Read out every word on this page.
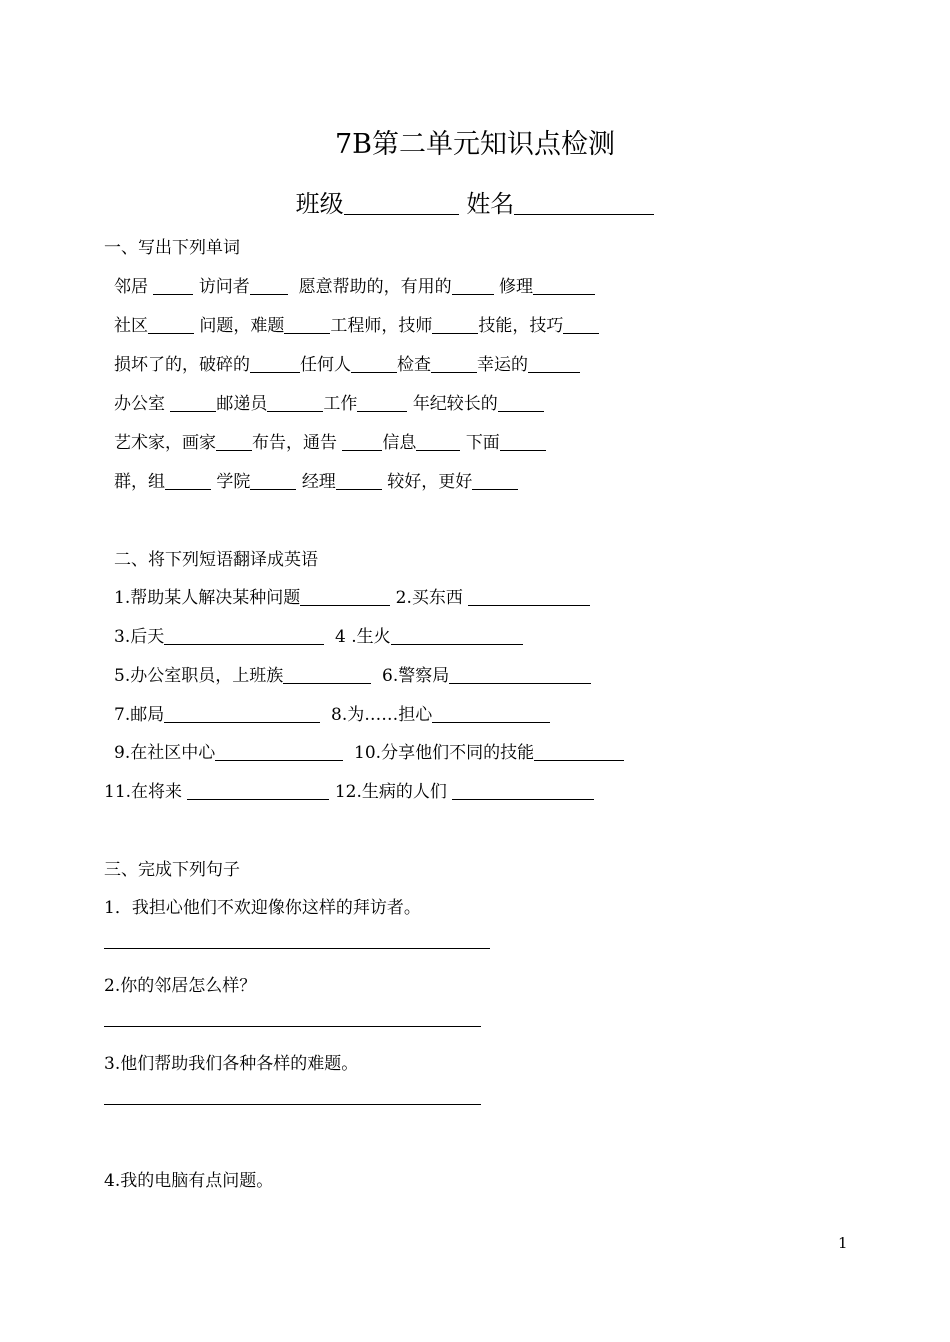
7B第二单元知识点检测
班级	姓名
一、写出下列单词
邻居	访问者	愿意帮助的，有用的	修理
社区	问题，难题	工程师，技师	技能，技巧
损坏了的，破碎的	任何人	检查	幸运的
办公室	邮递员	工作	年纪较长的
艺术家，画家 布告，通告	信息	下面
群，组	学院	经理	较好，更好
二、将下列短语翻译成英语
1.帮助某人解决某种问题	2.买东西
3.后天	4 .生火
5.办公室职员，上班族	6.警察局
7.邮局	8.为……担心
9.在社区中心	10.分享他们不同的技能
11.在将来	12.生病的人们
三、完成下列句子
1．我担心他们不欢迎像你这样的拜访者。
2.你的邻居怎么样？
3.他们帮助我们各种各样的难题。
4.我的电脑有点问题。
1
